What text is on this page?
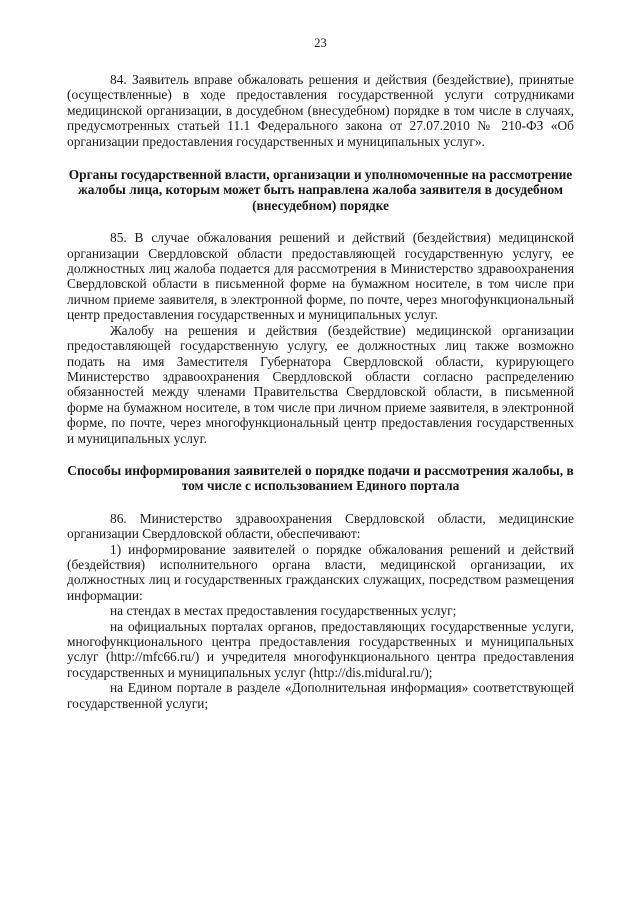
23

84. Заявитель вправе обжаловать решения и действия (бездействие), принятые (осуществленные) в ходе предоставления государственной услуги сотрудниками медицинской организации, в досудебном (внесудебном) порядке в том числе в случаях, предусмотренных статьей 11.1 Федерального закона от 27.07.2010 № 210-ФЗ «Об организации предоставления государственных и муниципальных услуг».

Органы государственной власти, организации и уполномоченные на рассмотрение жалобы лица, которым может быть направлена жалоба заявителя в досудебном (внесудебном) порядке

85. В случае обжалования решений и действий (бездействия) медицинской организации Свердловской области предоставляющей государственную услугу, ее должностных лиц жалоба подается для рассмотрения в Министерство здравоохранения Свердловской области в письменной форме на бумажном носителе, в том числе при личном приеме заявителя, в электронной форме, по почте, через многофункциональный центр предоставления государственных и муниципальных услуг.

Жалобу на решения и действия (бездействие) медицинской организации предоставляющей государственную услугу, ее должностных лиц также возможно подать на имя Заместителя Губернатора Свердловской области, курирующего Министерство здравоохранения Свердловской области согласно распределению обязанностей между членами Правительства Свердловской области, в письменной форме на бумажном носителе, в том числе при личном приеме заявителя, в электронной форме, по почте, через многофункциональный центр предоставления государственных и муниципальных услуг.

Способы информирования заявителей о порядке подачи и рассмотрения жалобы, в том числе с использованием Единого портала

86. Министерство здравоохранения Свердловской области, медицинские организации Свердловской области, обеспечивают:

1) информирование заявителей о порядке обжалования решений и действий (бездействия) исполнительного органа власти, медицинской организации, их должностных лиц и государственных гражданских служащих, посредством размещения информации:

на стендах в местах предоставления государственных услуг;

на официальных порталах органов, предоставляющих государственные услуги, многофункционального центра предоставления государственных и муниципальных услуг (http://mfc66.ru/) и учредителя многофункционального центра предоставления государственных и муниципальных услуг (http://dis.midural.ru/);

на Едином портале в разделе «Дополнительная информация» соответствующей государственной услуги;
